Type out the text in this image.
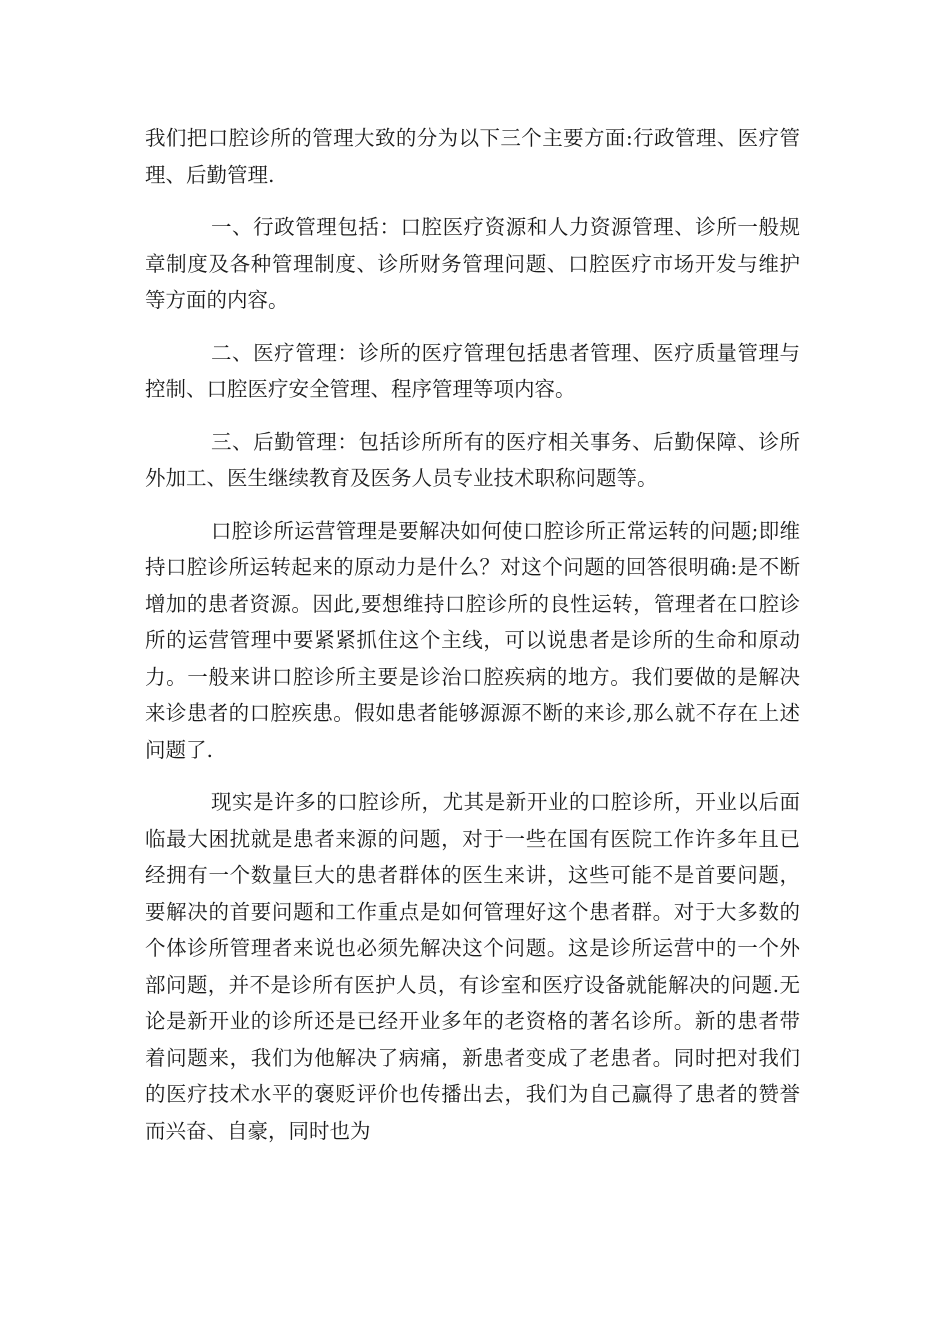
我们把口腔诊所的管理大致的分为以下三个主要方面:行政管理、医疗管理、后勤管理.

一、行政管理包括：口腔医疗资源和人力资源管理、诊所一般规章制度及各种管理制度、诊所财务管理问题、口腔医疗市场开发与维护等方面的内容。

二、医疗管理：诊所的医疗管理包括患者管理、医疗质量管理与控制、口腔医疗安全管理、程序管理等项内容。

三、后勤管理：包括诊所所有的医疗相关事务、后勤保障、诊所外加工、医生继续教育及医务人员专业技术职称问题等。

口腔诊所运营管理是要解决如何使口腔诊所正常运转的问题;即维持口腔诊所运转起来的原动力是什么？对这个问题的回答很明确:是不断增加的患者资源。因此,要想维持口腔诊所的良性运转，管理者在口腔诊所的运营管理中要紧紧抓住这个主线，可以说患者是诊所的生命和原动力。一般来讲口腔诊所主要是诊治口腔疾病的地方。我们要做的是解决来诊患者的口腔疾患。假如患者能够源源不断的来诊,那么就不存在上述问题了.

现实是许多的口腔诊所，尤其是新开业的口腔诊所，开业以后面临最大困扰就是患者来源的问题，对于一些在国有医院工作许多年且已经拥有一个数量巨大的患者群体的医生来讲，这些可能不是首要问题，要解决的首要问题和工作重点是如何管理好这个患者群。对于大多数的个体诊所管理者来说也必须先解决这个问题。这是诊所运营中的一个外部问题，并不是诊所有医护人员，有诊室和医疗设备就能解决的问题.无论是新开业的诊所还是已经开业多年的老资格的著名诊所。新的患者带着问题来，我们为他解决了病痛，新患者变成了老患者。同时把对我们的医疗技术水平的褒贬评价也传播出去，我们为自己赢得了患者的赞誉而兴奋、自豪，同时也为
